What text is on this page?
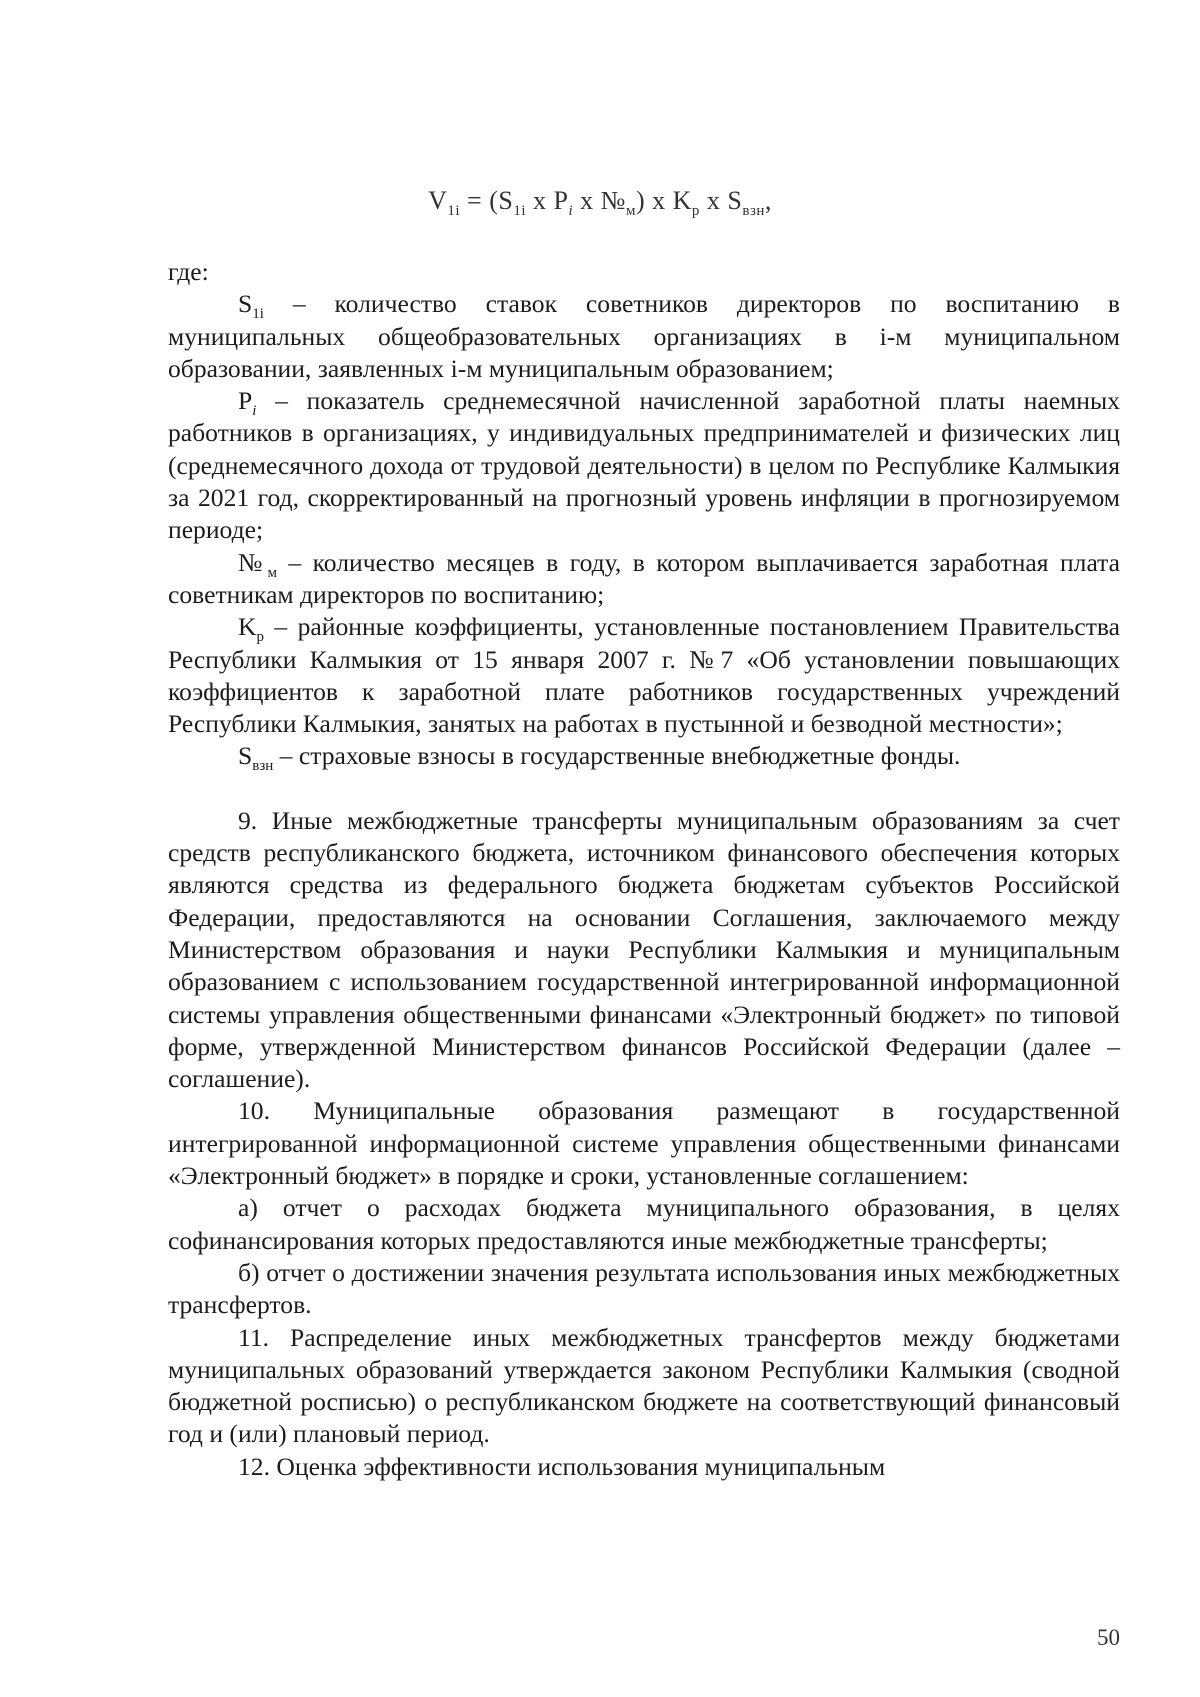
$V_{1i} = (S_{1i}$ x $P_i$ x $№_м$) x $K_p$ x $S_{взн}$,

где:

$S_{1i}$ – количество ставок советников директоров по воспитанию в муниципальных общеобразовательных организациях в i-м муниципальном образовании, заявленных i-м муниципальным образованием;

$P_i$ – показатель среднемесячной начисленной заработной платы наемных работников в организациях, у индивидуальных предпринимателей и физических лиц (среднемесячного дохода от трудовой деятельности) в целом по Республике Калмыкия за 2021 год, скорректированный на прогнозный уровень инфляции в прогнозируемом периоде;

$№_м$ – количество месяцев в году, в котором выплачивается заработная плата советникам директоров по воспитанию;

$K_p$ – районные коэффициенты, установленные постановлением Правительства Республики Калмыкия от 15 января 2007 г. №7 «Об установлении повышающих коэффициентов к заработной плате работников государственных учреждений Республики Калмыкия, занятых на работах в пустынной и безводной местности»;

$S_{взн}$ – страховые взносы в государственные внебюджетные фонды.

9. Иные межбюджетные трансферты муниципальным образованиям за счет средств республиканского бюджета, источником финансового обеспечения которых являются средства из федерального бюджета бюджетам субъектов Российской Федерации, предоставляются на основании Соглашения, заключаемого между Министерством образования и науки Республики Калмыкия и муниципальным образованием с использованием государственной интегрированной информационной системы управления общественными финансами «Электронный бюджет» по типовой форме, утвержденной Министерством финансов Российской Федерации (далее – соглашение).

10. Муниципальные образования размещают в государственной интегрированной информационной системе управления общественными финансами «Электронный бюджет» в порядке и сроки, установленные соглашением:

а) отчет о расходах бюджета муниципального образования, в целях софинансирования которых предоставляются иные межбюджетные трансферты;

б) отчет о достижении значения результата использования иных межбюджетных трансфертов.

11. Распределение иных межбюджетных трансфертов между бюджетами муниципальных образований утверждается законом Республики Калмыкия (сводной бюджетной росписью) о республиканском бюджете на соответствующий финансовый год и (или) плановый период.

12. Оценка эффективности использования муниципальным

50
